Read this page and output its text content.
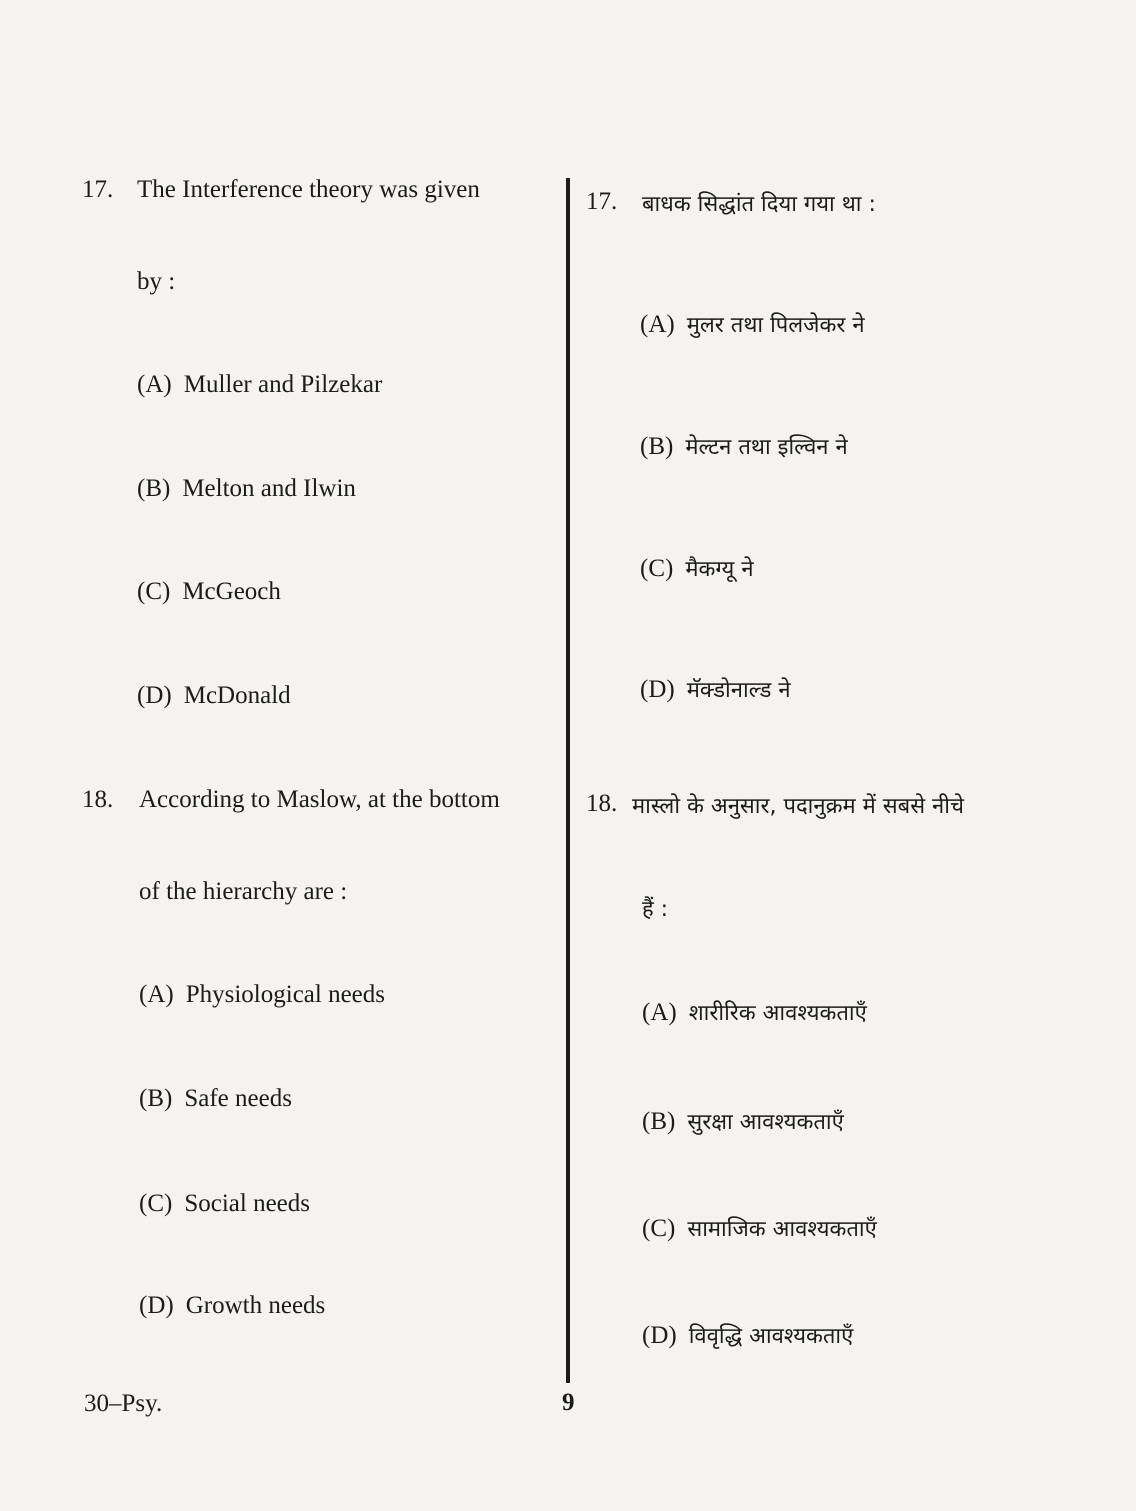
17. The Interference theory was given
by :
(A) Muller and Pilzekar
(B) Melton and Ilwin
(C) McGeoch
(D) McDonald
18. According to Maslow, at the bottom
of the hierarchy are :
(A) Physiological needs
(B) Safe needs
(C) Social needs
(D) Growth needs
17. बाधक सिद्धांत दिया गया था :
(A) मुलर तथा पिलजेकर ने
(B) मेल्टन तथा इल्विन ने
(C) मैकग्यू ने
(D) मॅक्डोनाल्ड ने
18. मास्लो के अनुसार, पदानुक्रम में सबसे नीचे
हैं :
(A) शारीरिक आवश्यकताएँ
(B) सुरक्षा आवश्यकताएँ
(C) सामाजिक आवश्यकताएँ
(D) विवृद्धि आवश्यकताएँ
30–Psy.	9
